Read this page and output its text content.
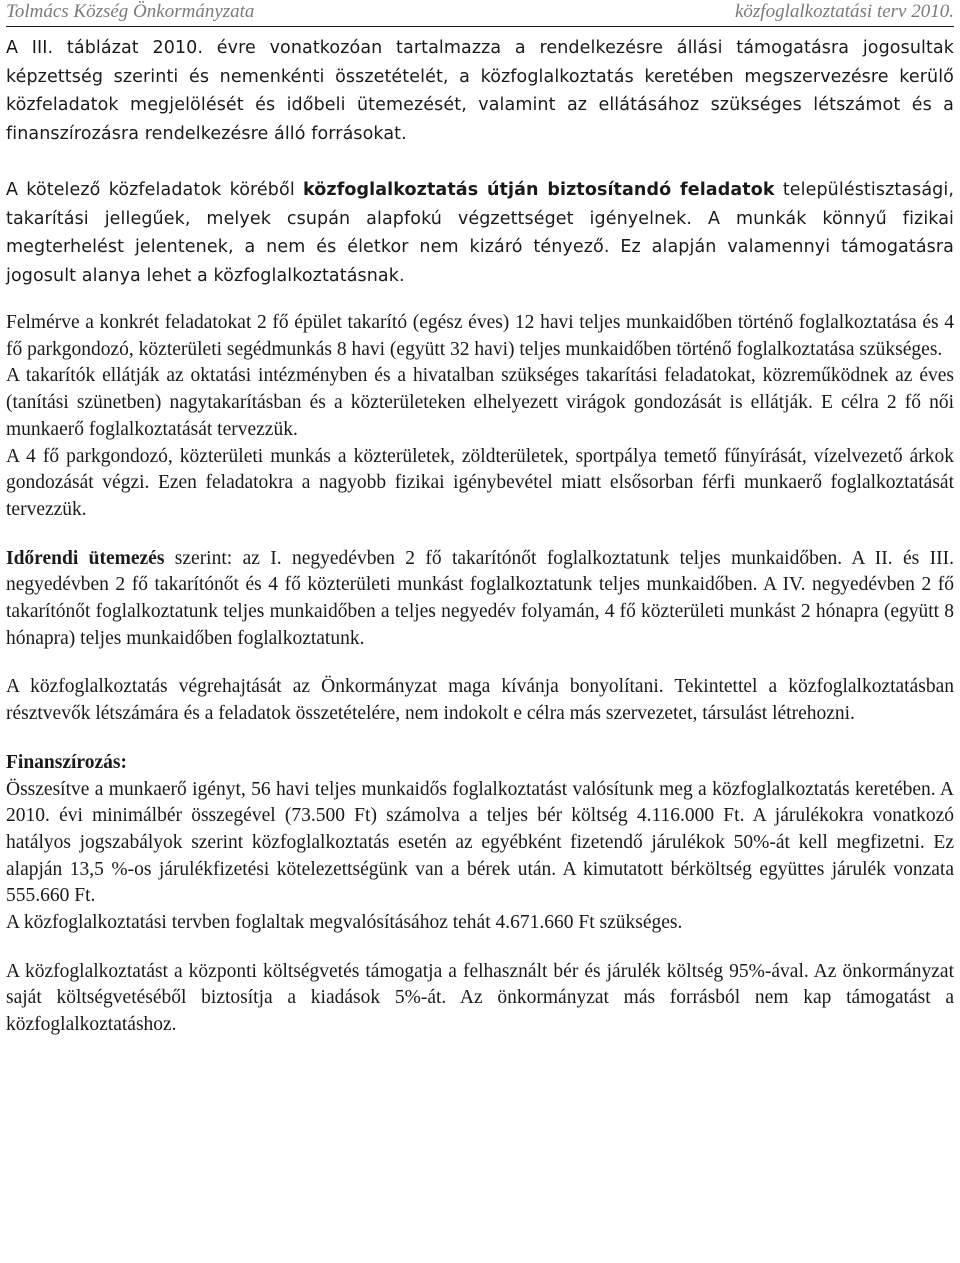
Tolmács Község Önkormányzata	közfoglalkoztatási terv 2010.

A III. táblázat 2010. évre vonatkozóan tartalmazza a rendelkezésre állási támogatásra jogosultak képzettség szerinti és nemenkénti összetételét, a közfoglalkoztatás keretében megszervezésre kerülő közfeladatok megjelölését és időbeli ütemezését, valamint az ellátásához szükséges létszámot és a finanszírozásra rendelkezésre álló forrásokat.

A kötelező közfeladatok köréből közfoglalkoztatás útján biztosítandó feladatok településtisztasági, takarítási jellegűek, melyek csupán alapfokú végzettséget igényelnek. A munkák könnyű fizikai megterhelést jelentenek, a nem és életkor nem kizáró tényező. Ez alapján valamennyi támogatásra jogosult alanya lehet a közfoglalkoztatásnak.

Felmérve a konkrét feladatokat 2 fő épület takarító (egész éves) 12 havi teljes munkaidőben történő foglalkoztatása és 4 fő parkgondozó, közterületi segédmunkás 8 havi (együtt 32 havi) teljes munkaidőben történő foglalkoztatása szükséges.

A takarítók ellátják az oktatási intézményben és a hivatalban szükséges takarítási feladatokat, közreműködnek az éves (tanítási szünetben) nagytakarításban és a közterületeken elhelyezett virágok gondozását is ellátják. E célra 2 fő női munkaerő foglalkoztatását tervezzük.

A 4 fő parkgondozó, közterületi munkás a közterületek, zöldterületek, sportpálya temető fűnyírását, vízelvezető árkok gondozását végzi. Ezen feladatokra a nagyobb fizikai igénybevétel miatt elsősorban férfi munkaerő foglalkoztatását tervezzük.

Időrendi ütemezés szerint: az I. negyedévben 2 fő takarítónőt foglalkoztatunk teljes munkaidőben. A II. és III. negyedévben 2 fő takarítónőt és 4 fő közterületi munkást foglalkoztatunk teljes munkaidőben. A IV. negyedévben 2 fő takarítónőt foglalkoztatunk teljes munkaidőben a teljes negyedév folyamán, 4 fő közterületi munkást 2 hónapra (együtt 8 hónapra) teljes munkaidőben foglalkoztatunk.

A közfoglalkoztatás végrehajtását az Önkormányzat maga kívánja bonyolítani. Tekintettel a közfoglalkoztatásban résztvevők létszámára és a feladatok összetételére, nem indokolt e célra más szervezetet, társulást létrehozni.

Finanszírozás:

Összesítve a munkaerő igényt, 56 havi teljes munkaidős foglalkoztatást valósítunk meg a közfoglalkoztatás keretében. A 2010. évi minimálbér összegével (73.500 Ft) számolva a teljes bér költség 4.116.000 Ft. A járulékokra vonatkozó hatályos jogszabályok szerint közfoglalkoztatás esetén az egyébként fizetendő járulékok 50%-át kell megfizetni. Ez alapján 13,5 %-os járulékfizetési kötelezettségünk van a bérek után. A kimutatott bérköltség együttes járulék vonzata 555.660 Ft.

A közfoglalkoztatási tervben foglaltak megvalósításához tehát 4.671.660 Ft szükséges.

A közfoglalkoztatást a központi költségvetés támogatja a felhasznált bér és járulék költség 95%-ával. Az önkormányzat saját költségvetéséből biztosítja a kiadások 5%-át. Az önkormányzat más forrásból nem kap támogatást a közfoglalkoztatáshoz.
